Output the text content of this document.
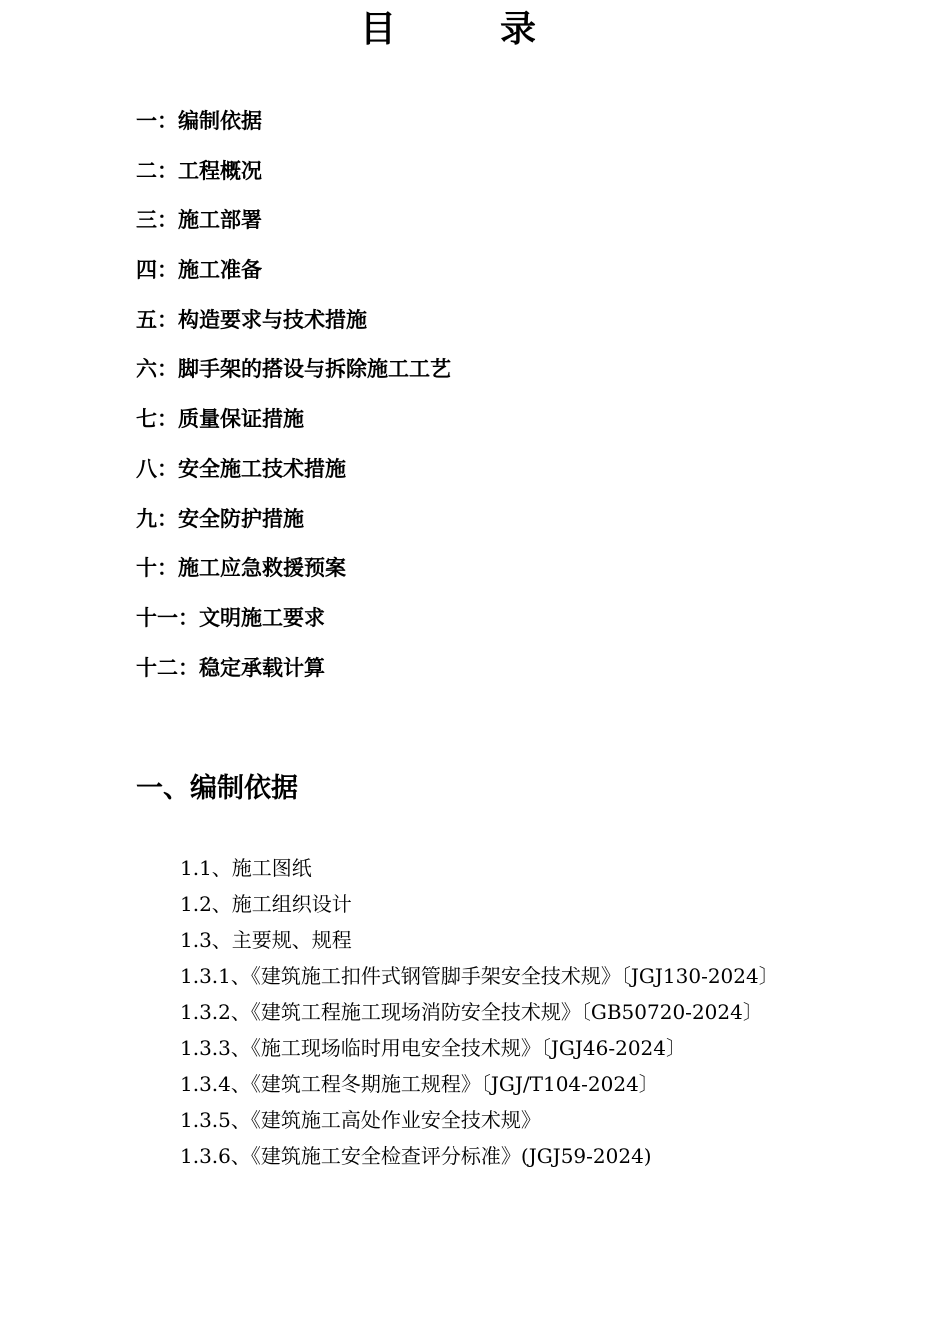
目　录
一：编制依据
二：工程概况
三：施工部署
四：施工准备
五：构造要求与技术措施
六：脚手架的搭设与拆除施工工艺
七：质量保证措施
八：安全施工技术措施
九：安全防护措施
十：施工应急救援预案
十一：文明施工要求
十二：稳定承载计算
一、编制依据
1.1、施工图纸
1.2、施工组织设计
1.3、主要规、规程
1.3.1、《建筑施工扣件式钢管脚手架安全技术规》〔JGJ130-2024〕
1.3.2、《建筑工程施工现场消防安全技术规》〔GB50720-2024〕
1.3.3、《施工现场临时用电安全技术规》〔JGJ46-2024〕
1.3.4、《建筑工程冬期施工规程》〔JGJ/T104-2024〕
1.3.5、《建筑施工高处作业安全技术规》
1.3.6、《建筑施工安全检查评分标准》(JGJ59-2024)
